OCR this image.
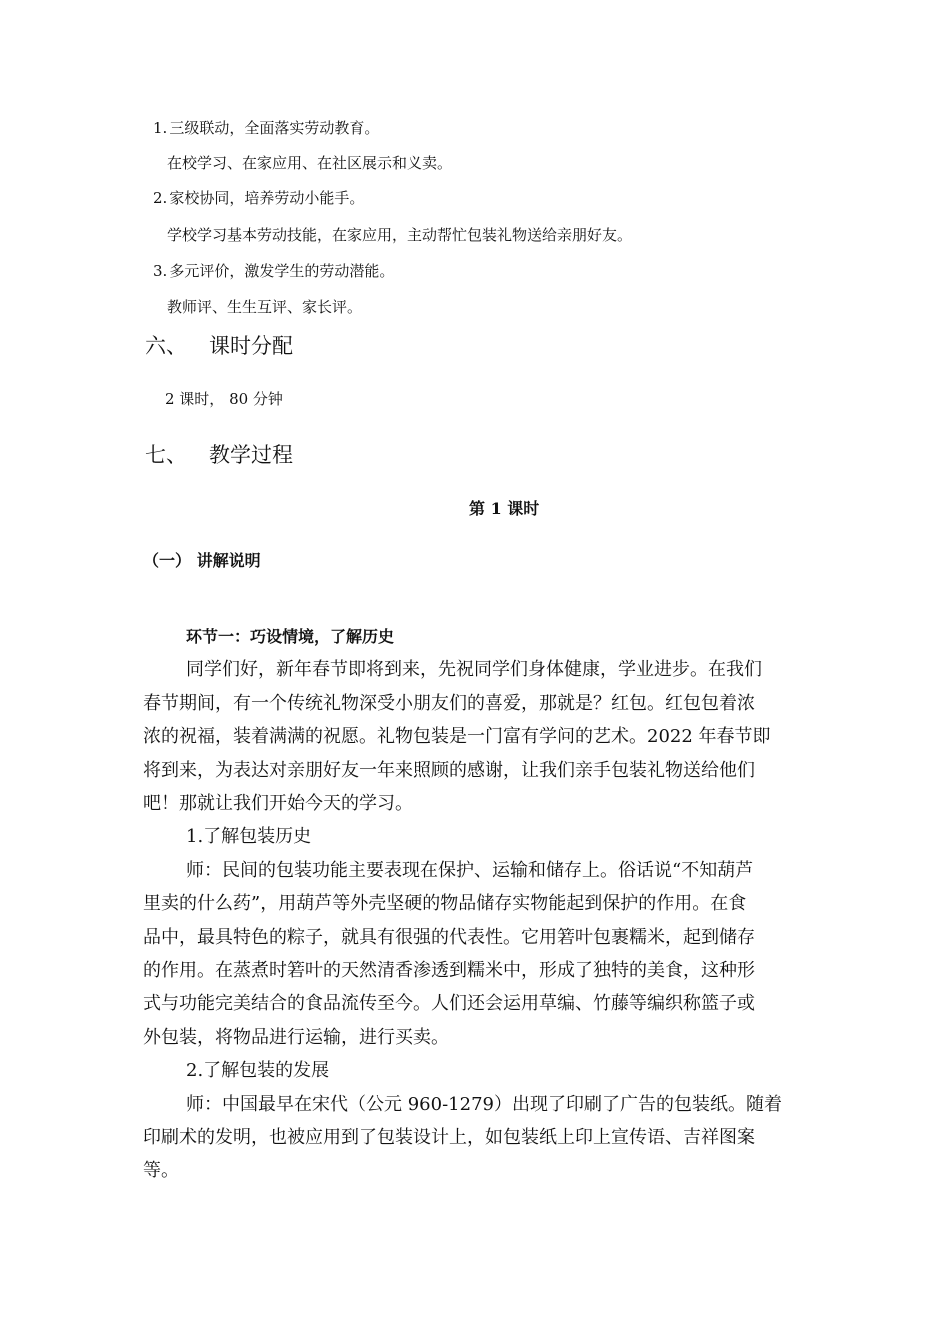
1. 三级联动，全面落实劳动教育。
在校学习、在家应用、在社区展示和义卖。
2. 家校协同，培养劳动小能手。
学校学习基本劳动技能，在家应用，主动帮忙包装礼物送给亲朋好友。
3. 多元评价，激发学生的劳动潜能。
教师评、生生互评、家长评。
六、 课时分配
2 课时， 80 分钟
七、 教学过程
第 1 课时
（一） 讲解说明
环节一：巧设情境，了解历史
同学们好，新年春节即将到来，先祝同学们身体健康，学业进步。在我们
春节期间，有一个传统礼物深受小朋友们的喜爱，那就是？红包。红包包着浓
浓的祝福，装着满满的祝愿。礼物包装是一门富有学问的艺术。2022 年春节即
将到来，为表达对亲朋好友一年来照顾的感谢，让我们亲手包装礼物送给他们
吧！那就让我们开始今天的学习。
1.了解包装历史
师：民间的包装功能主要表现在保护、运输和储存上。俗话说“不知葫芦
里卖的什么药”，用葫芦等外壳坚硬的物品储存实物能起到保护的作用。在食
品中，最具特色的粽子，就具有很强的代表性。它用箬叶包裹糯米，起到储存
的作用。在蒸煮时箬叶的天然清香渗透到糯米中，形成了独特的美食，这种形
式与功能完美结合的食品流传至今。人们还会运用草编、竹藤等编织称篮子或
外包装，将物品进行运输，进行买卖。
2.了解包装的发展
师：中国最早在宋代（公元 960-1279）出现了印刷了广告的包装纸。随着
印刷术的发明，也被应用到了包装设计上，如包装纸上印上宣传语、吉祥图案
等。
